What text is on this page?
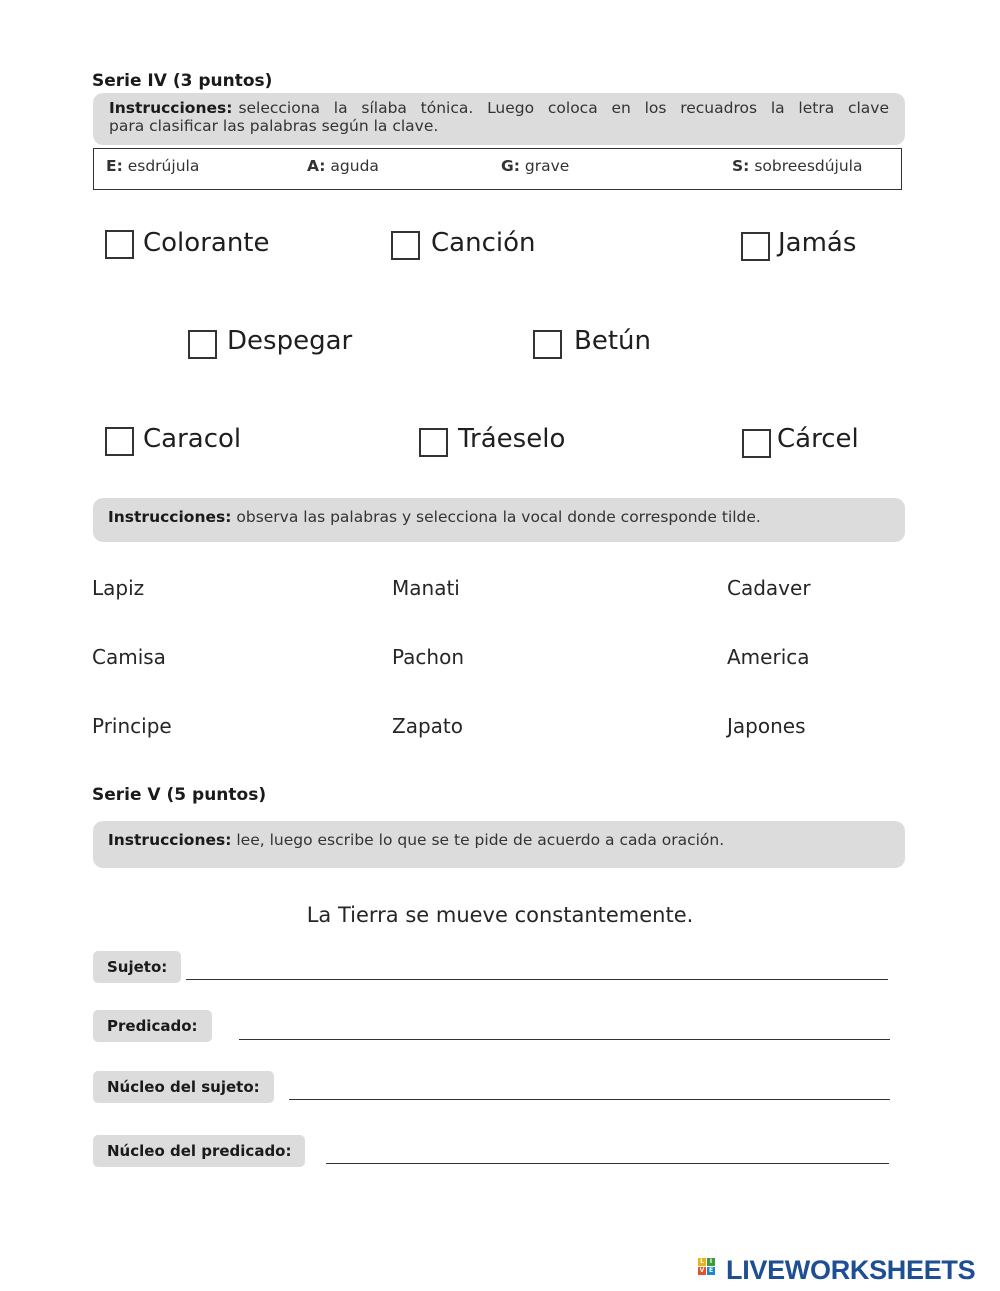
Serie IV (3 puntos)
Instrucciones: selecciona la sílaba tónica. Luego coloca en los recuadros la letra clave
para clasificar las palabras según la clave.
E: esdrújula	A: aguda	G: grave	S: sobreesdújula
Colorante	Canción	Jamás
Despegar	Betún
Caracol	Tráeselo	Cárcel
Instrucciones: observa las palabras y selecciona la vocal donde corresponde tilde.
Lapiz	Manati	Cadaver
Camisa	Pachon	America
Principe	Zapato	Japones
Serie V (5 puntos)
Instrucciones: lee, luego escribe lo que se te pide de acuerdo a cada oración.
La Tierra se mueve constantemente.
Sujeto:
Predicado:
Núcleo del sujeto:
Núcleo del predicado:
L I
V E LIVEWORKSHEETS
